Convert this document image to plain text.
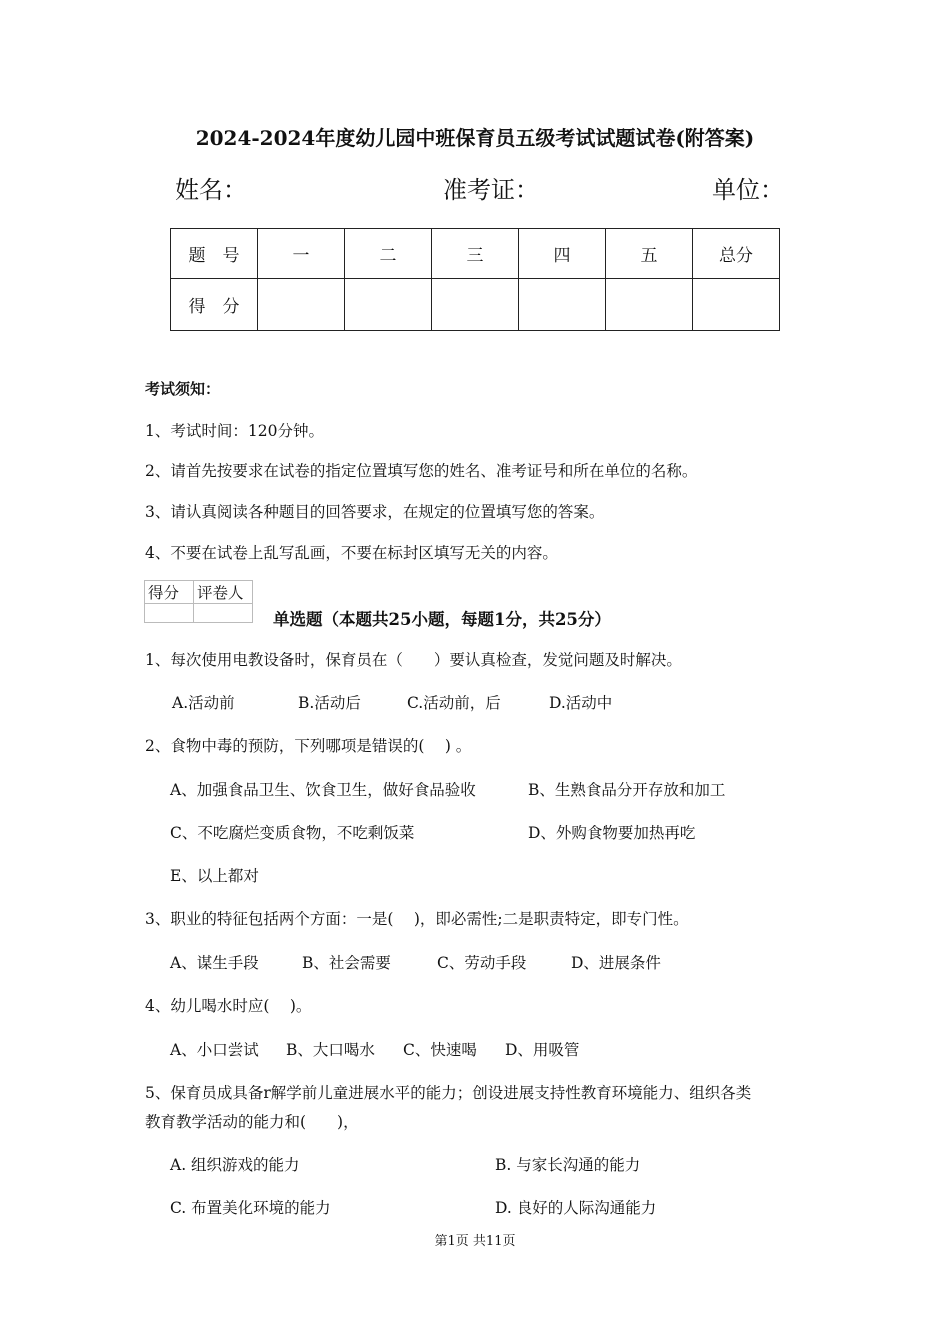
2024-2024年度幼儿园中班保育员五级考试试题试卷(附答案)
姓名：	准考证：	单位：
题　号	一	二	三	四	五	总分
得　分						
考试须知：
1、考试时间：120分钟。
2、请首先按要求在试卷的指定位置填写您的姓名、准考证号和所在单位的名称。
3、请认真阅读各种题目的回答要求，在规定的位置填写您的答案。
4、不要在试卷上乱写乱画，不要在标封区填写无关的内容。
得分	评卷人

单选题（本题共25小题，每题1分，共25分）
1、每次使用电教设备时，保育员在（　　）要认真检查，发觉问题及时解决。
A.活动前	B.活动后	C.活动前，后	D.活动中
2、食物中毒的预防，下列哪项是错误的(　 ) 。
A、加强食品卫生、饮食卫生，做好食品验收	B、生熟食品分开存放和加工
C、不吃腐烂变质食物，不吃剩饭菜	D、外购食物要加热再吃
E、以上都对
3、职业的特征包括两个方面：一是(　 )，即必需性;二是职责特定，即专门性。
A、谋生手段	B、社会需要	C、劳动手段	D、进展条件
4、幼儿喝水时应(　 )。
A、小口尝试 B、大口喝水 C、快速喝 D、用吸管
5、保育员成具备r解学前儿童进展水平的能力；创设进展支持性教育环境能力、组织各类
教育教学活动的能力和(　　)，
A. 组织游戏的能力	B. 与家长沟通的能力
C. 布置美化环境的能力	D. 良好的人际沟通能力
第1页 共11页
